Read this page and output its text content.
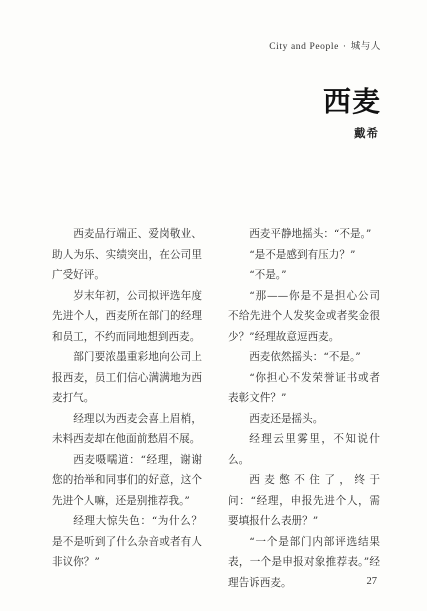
City and People · 城与人
西麦
戴希

西麦品行端正、爱岗敬业、助人为乐、实绩突出，在公司里广受好评。

岁末年初，公司拟评选年度先进个人，西麦所在部门的经理和员工，不约而同地想到西麦。

部门要浓墨重彩地向公司上报西麦，员工们信心满满地为西麦打气。

经理以为西麦会喜上眉梢，未料西麦却在他面前愁眉不展。

西麦嗫嚅道：“经理，谢谢您的抬举和同事们的好意，这个先进个人嘛，还是别推荐我。”

经理大惊失色：“为什么？是不是听到了什么杂音或者有人非议你？”

西麦平静地摇头：“不是。”

“是不是感到有压力？”

“不是。”

“那——你是不是担心公司不给先进个人发奖金或者奖金很少？”经理故意逗西麦。

西麦依然摇头：“不是。”

“你担心不发荣誉证书或者表彰文件？”

西麦还是摇头。

经理云里雾里，不知说什么。

西麦憋不住了，终于问：“经理，申报先进个人，需要填报什么表册？”

“一个是部门内部评选结果表，一个是申报对象推荐表。”经理告诉西麦。	27
